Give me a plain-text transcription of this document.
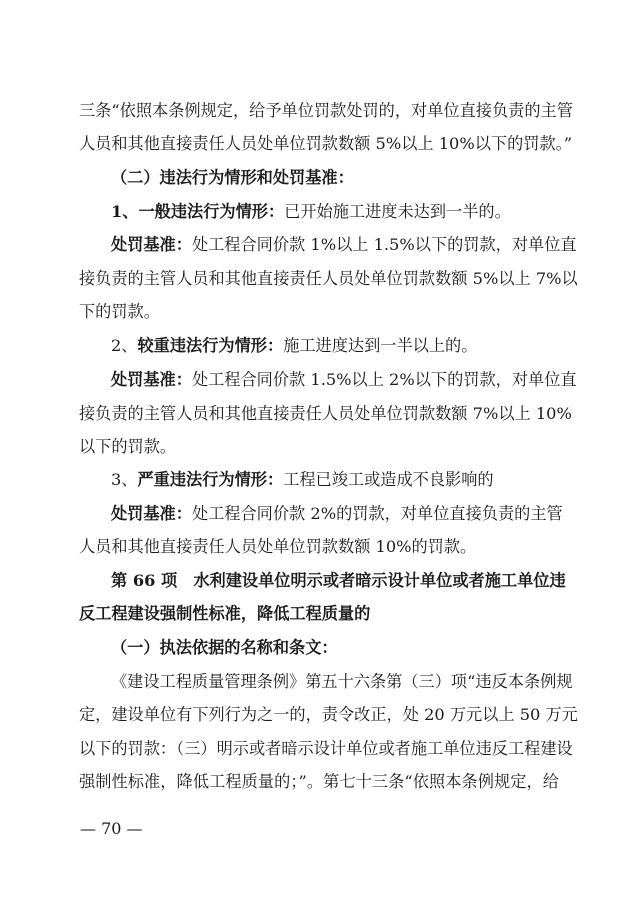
三条“依照本条例规定，给予单位罚款处罚的，对单位直接负责的主管
人员和其他直接责任人员处单位罚款数额 5%以上 10%以下的罚款。”
（二）违法行为情形和处罚基准：
1、一般违法行为情形：已开始施工进度未达到一半的。
处罚基准：处工程合同价款 1%以上 1.5%以下的罚款，对单位直
接负责的主管人员和其他直接责任人员处单位罚款数额 5%以上 7%以
下的罚款。
2、较重违法行为情形：施工进度达到一半以上的。
处罚基准：处工程合同价款 1.5%以上 2%以下的罚款，对单位直
接负责的主管人员和其他直接责任人员处单位罚款数额 7%以上 10%
以下的罚款。
3、严重违法行为情形：工程已竣工或造成不良影响的
处罚基准：处工程合同价款 2%的罚款，对单位直接负责的主管
人员和其他直接责任人员处单位罚款数额 10%的罚款。
第 66 项　水利建设单位明示或者暗示设计单位或者施工单位违
反工程建设强制性标准，降低工程质量的
（一）执法依据的名称和条文：
《建设工程质量管理条例》第五十六条第（三）项“违反本条例规
定，建设单位有下列行为之一的，责令改正，处 20 万元以上 50 万元
以下的罚款：（三）明示或者暗示设计单位或者施工单位违反工程建设
强制性标准，降低工程质量的；”。第七十三条“依照本条例规定，给
— 70 —
